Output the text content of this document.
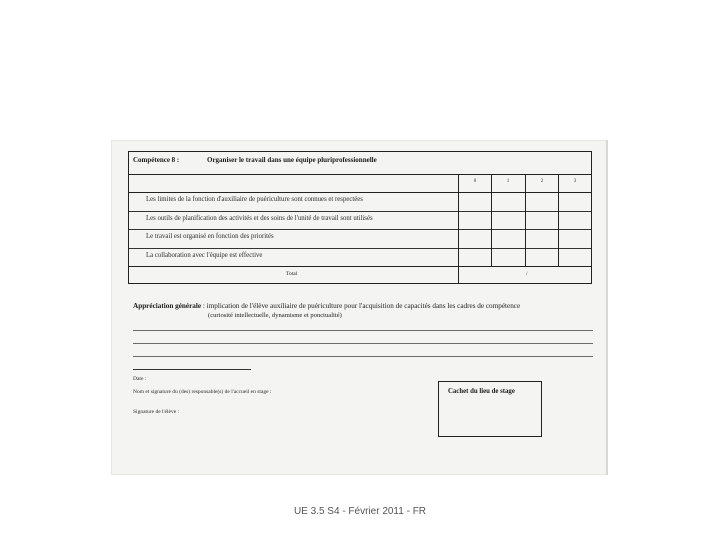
Compétence 8 :	Organiser le travail dans une équipe pluriprofessionnelle
0	1	2	3
Les limites de la fonction d'auxiliaire de puériculture sont connues et respectées
Les outils de planification des activités et des soins de l'unité de travail sont utilisés
Le travail est organisé en fonction des priorités
La collaboration avec l'équipe est effective
Total	/
Appréciation générale : implication de l'élève auxiliaire de puériculture pour l'acquisition de capacités dans les cadres de compétence
(curiosité intellectuelle, dynamisme et ponctualité)
Date :
Nom et signature du (des) responsable(s) de l'accueil en stage :
Signature de l'élève :
Cachet du lieu de stage
UE 3.5 S4 - Février 2011 - FR
